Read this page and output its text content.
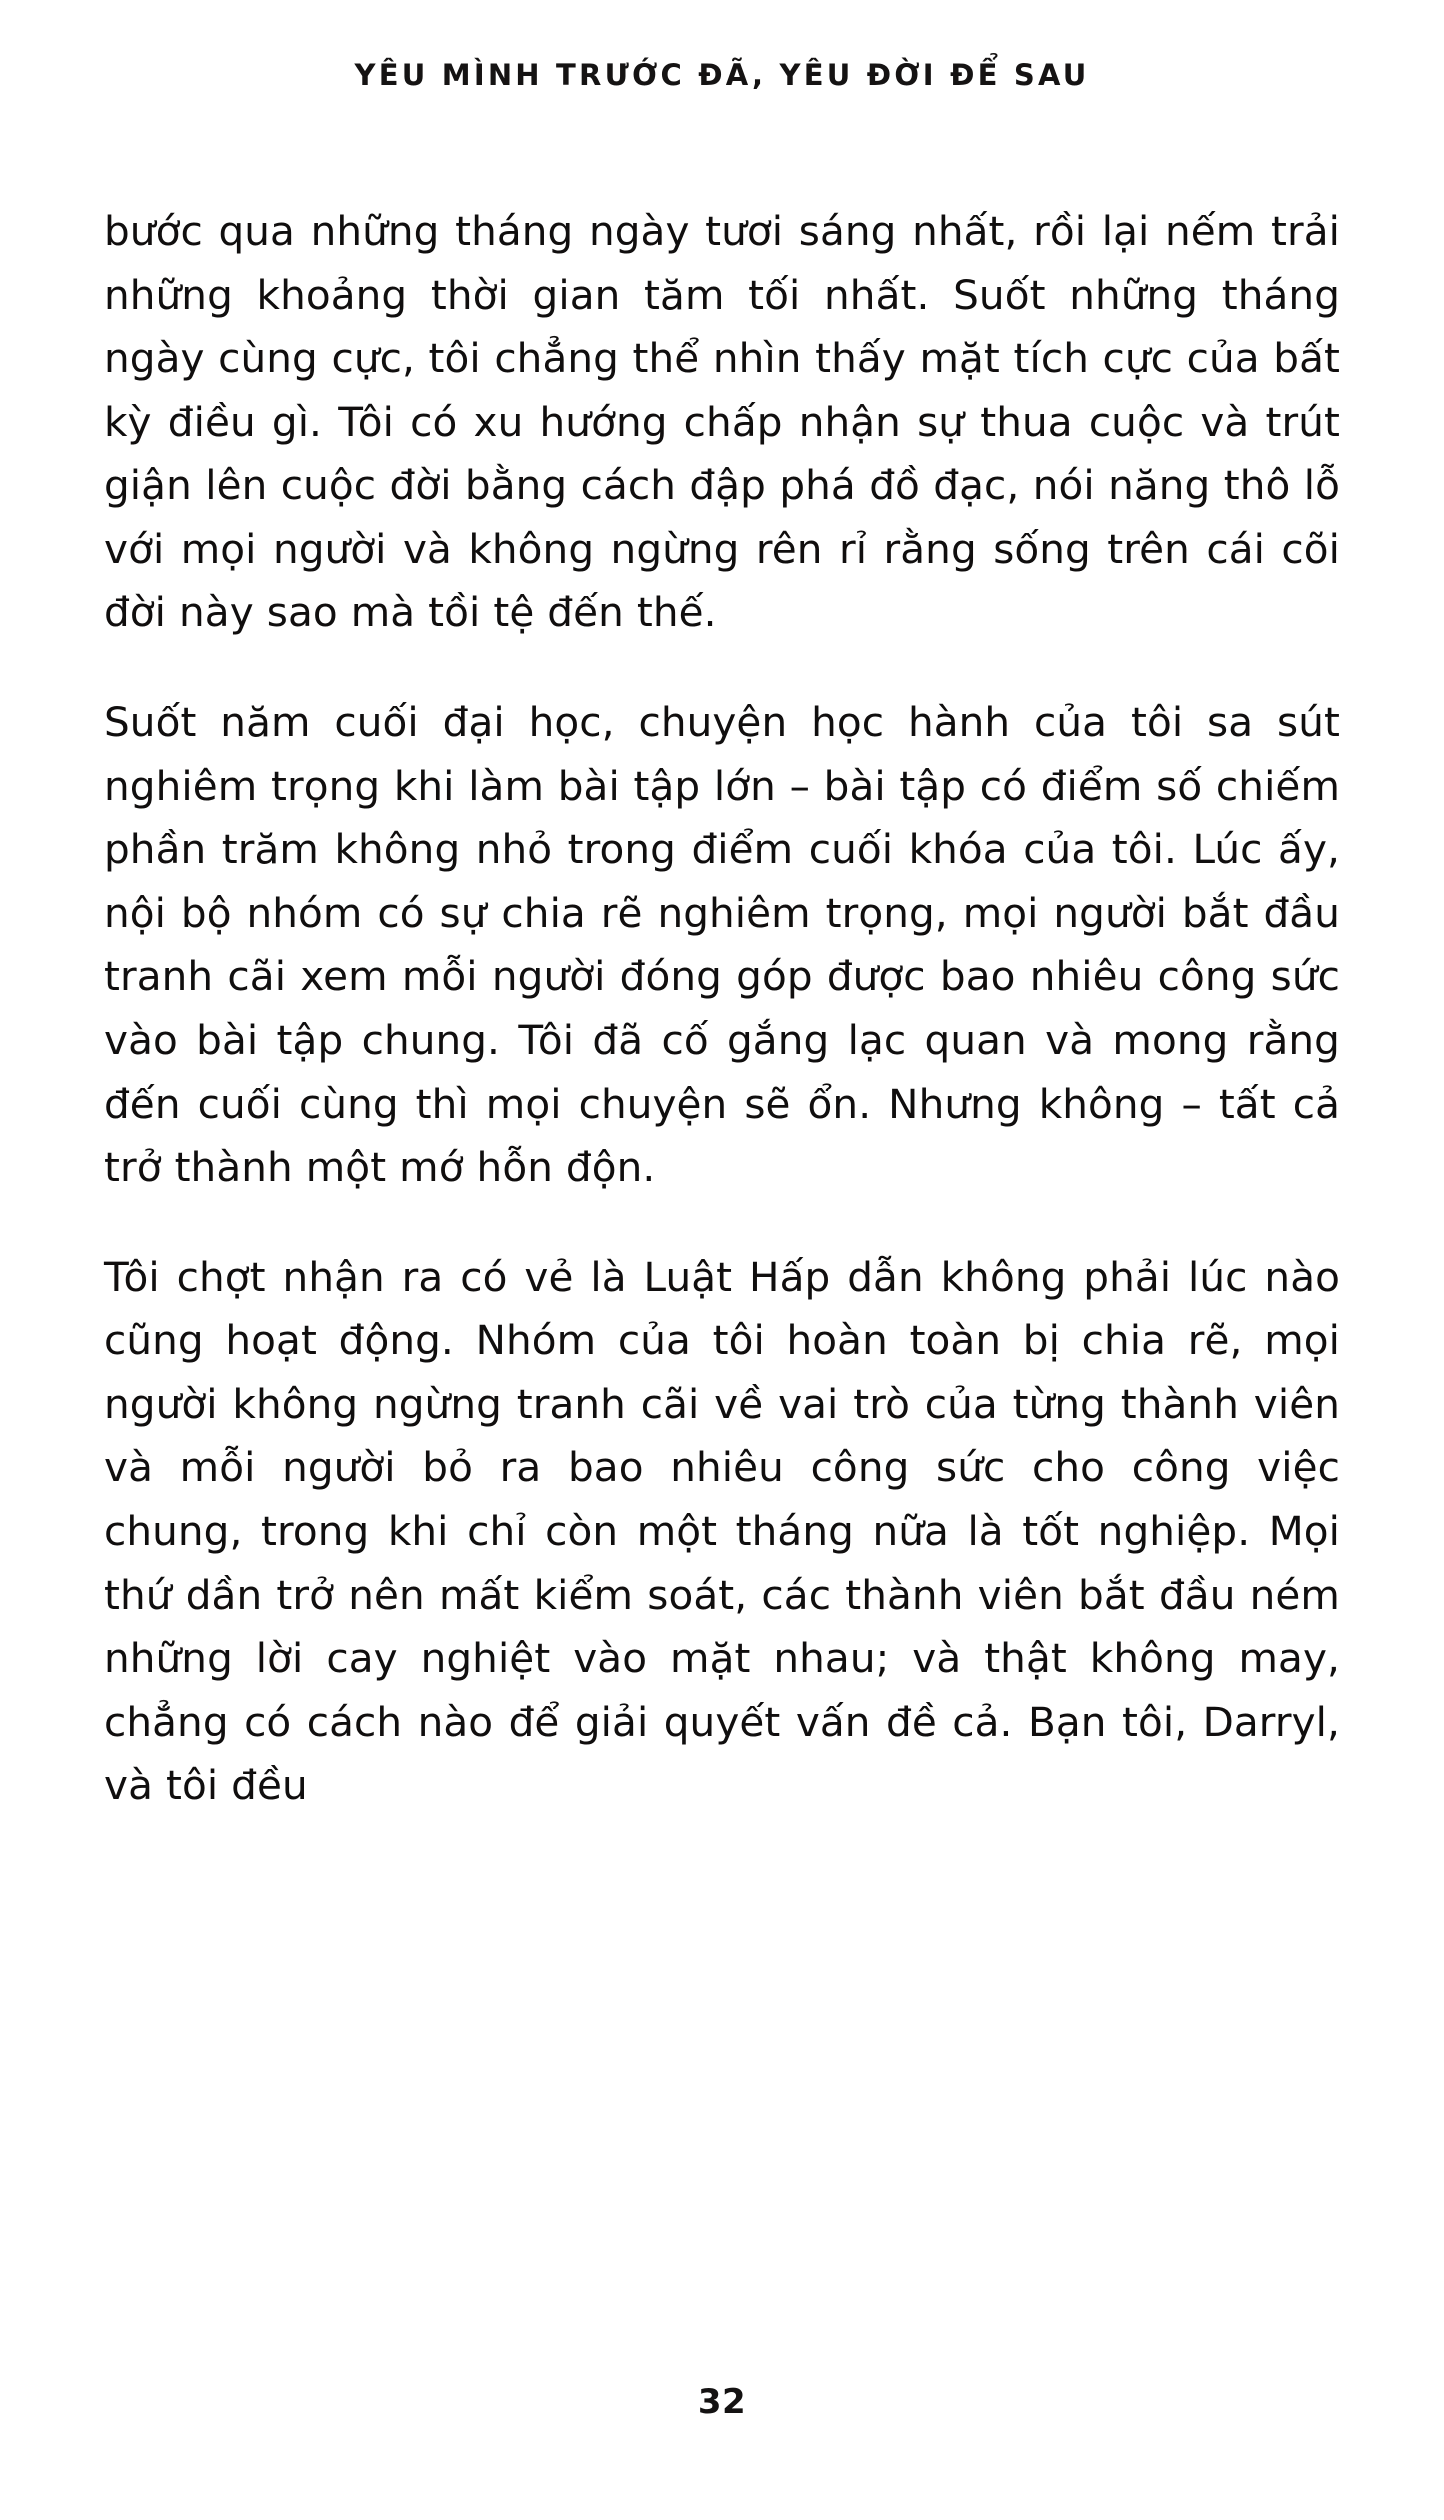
YÊU MÌNH TRƯỚC ĐÃ, YÊU ĐỜI ĐỂ SAU

bước qua những tháng ngày tươi sáng nhất, rồi lại nếm trải những khoảng thời gian tăm tối nhất. Suốt những tháng ngày cùng cực, tôi chẳng thể nhìn thấy mặt tích cực của bất kỳ điều gì. Tôi có xu hướng chấp nhận sự thua cuộc và trút giận lên cuộc đời bằng cách đập phá đồ đạc, nói năng thô lỗ với mọi người và không ngừng rên rỉ rằng sống trên cái cõi đời này sao mà tồi tệ đến thế.

Suốt năm cuối đại học, chuyện học hành của tôi sa sút nghiêm trọng khi làm bài tập lớn – bài tập có điểm số chiếm phần trăm không nhỏ trong điểm cuối khóa của tôi. Lúc ấy, nội bộ nhóm có sự chia rẽ nghiêm trọng, mọi người bắt đầu tranh cãi xem mỗi người đóng góp được bao nhiêu công sức vào bài tập chung. Tôi đã cố gắng lạc quan và mong rằng đến cuối cùng thì mọi chuyện sẽ ổn. Nhưng không – tất cả trở thành một mớ hỗn độn.

Tôi chợt nhận ra có vẻ là Luật Hấp dẫn không phải lúc nào cũng hoạt động. Nhóm của tôi hoàn toàn bị chia rẽ, mọi người không ngừng tranh cãi về vai trò của từng thành viên và mỗi người bỏ ra bao nhiêu công sức cho công việc chung, trong khi chỉ còn một tháng nữa là tốt nghiệp. Mọi thứ dần trở nên mất kiểm soát, các thành viên bắt đầu ném những lời cay nghiệt vào mặt nhau; và thật không may, chẳng có cách nào để giải quyết vấn đề cả. Bạn tôi, Darryl, và tôi đều

32
